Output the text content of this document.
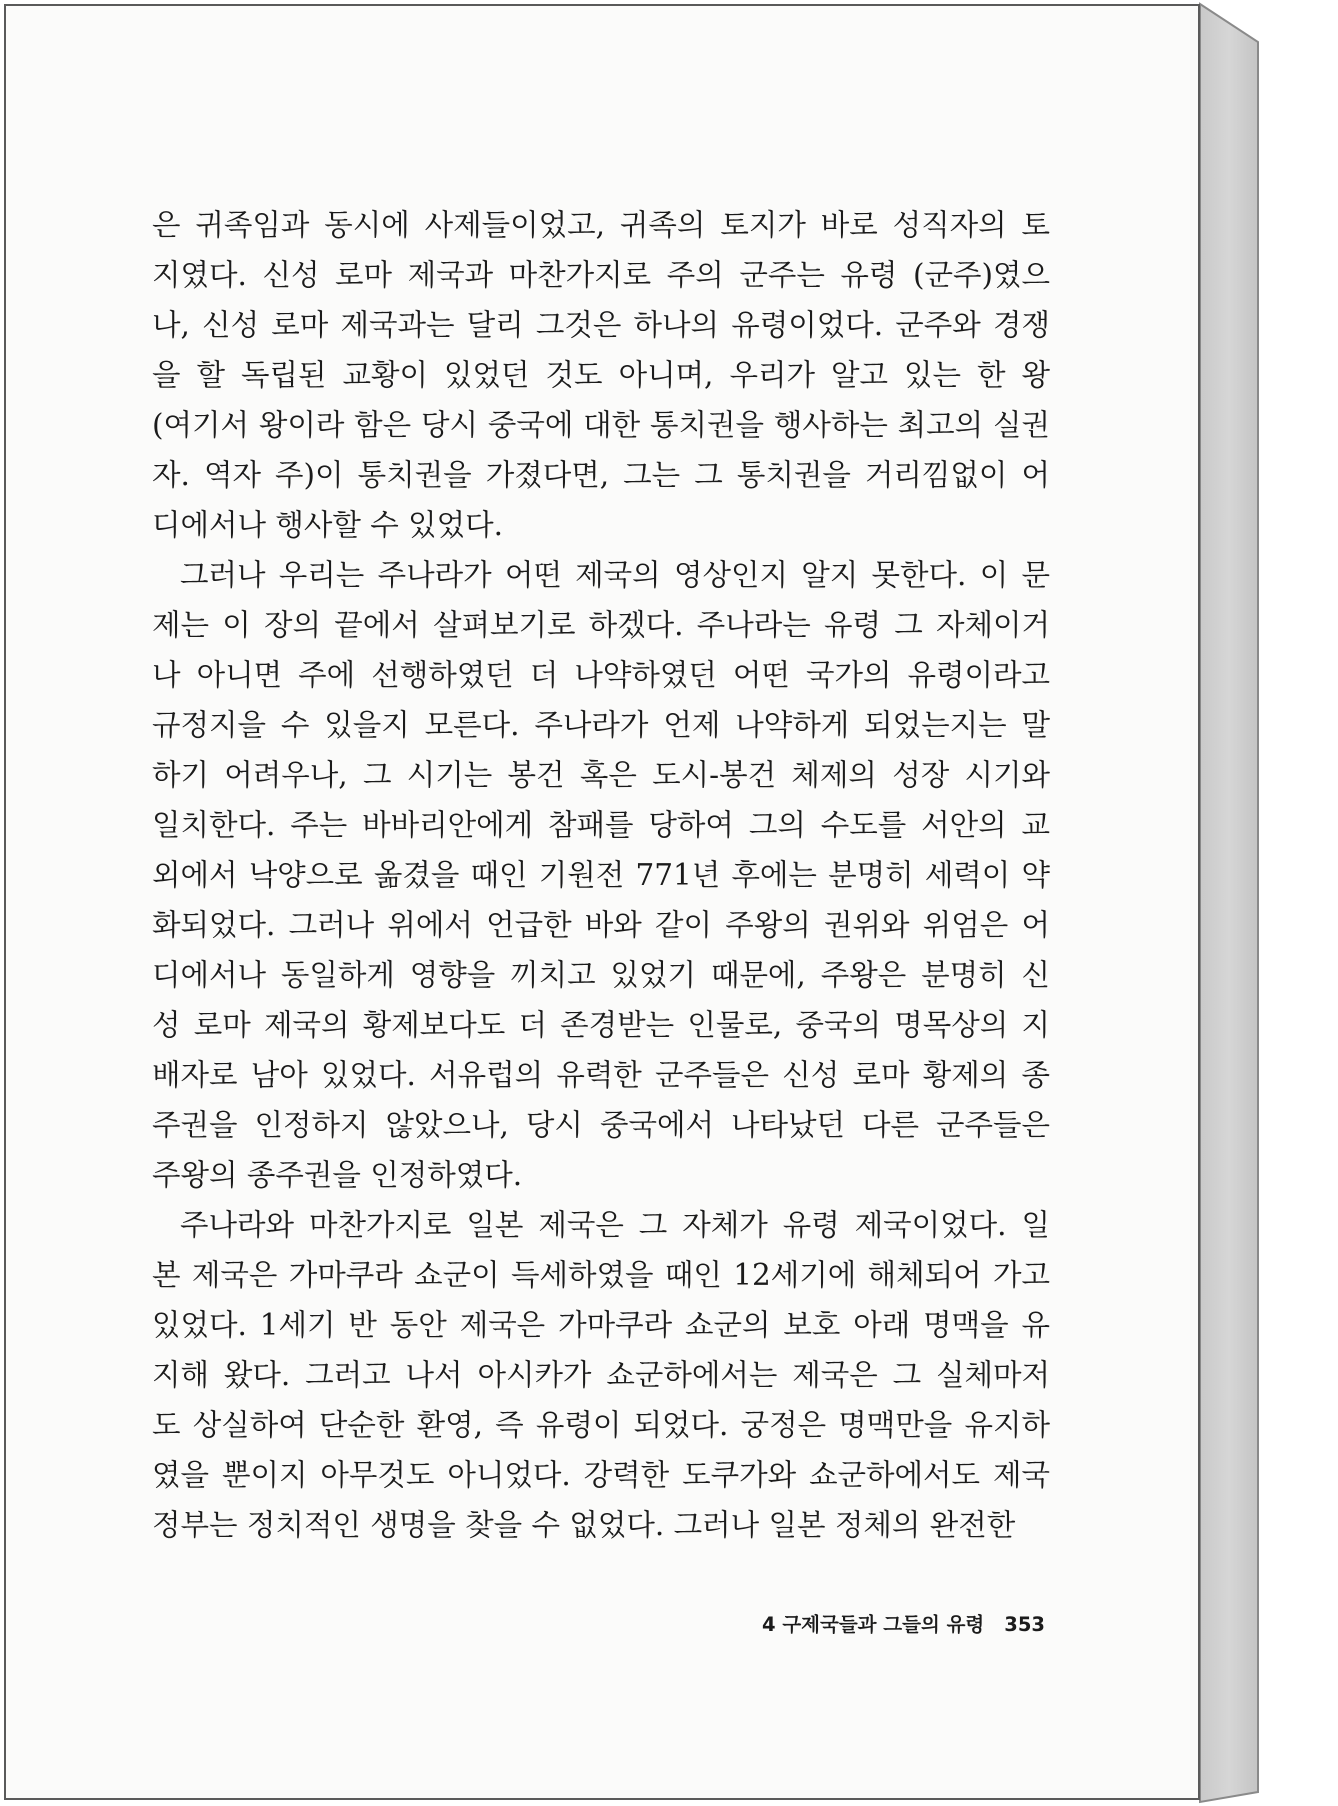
은 귀족임과 동시에 사제들이었고, 귀족의 토지가 바로 성직자의 토
지였다. 신성 로마 제국과 마찬가지로 주의 군주는 유령 (군주)였으
나, 신성 로마 제국과는 달리 그것은 하나의 유령이었다. 군주와 경쟁
을 할 독립된 교황이 있었던 것도 아니며, 우리가 알고 있는 한 왕
(여기서 왕이라 함은 당시 중국에 대한 통치권을 행사하는 최고의 실권
자. 역자 주)이 통치권을 가졌다면, 그는 그 통치권을 거리낌없이 어
디에서나 행사할 수 있었다.
그러나 우리는 주나라가 어떤 제국의 영상인지 알지 못한다. 이 문
제는 이 장의 끝에서 살펴보기로 하겠다. 주나라는 유령 그 자체이거
나 아니면 주에 선행하였던 더 나약하였던 어떤 국가의 유령이라고
규정지을 수 있을지 모른다. 주나라가 언제 나약하게 되었는지는 말
하기 어려우나, 그 시기는 봉건 혹은 도시-봉건 체제의 성장 시기와
일치한다. 주는 바바리안에게 참패를 당하여 그의 수도를 서안의 교
외에서 낙양으로 옮겼을 때인 기원전 771년 후에는 분명히 세력이 약
화되었다. 그러나 위에서 언급한 바와 같이 주왕의 권위와 위엄은 어
디에서나 동일하게 영향을 끼치고 있었기 때문에, 주왕은 분명히 신
성 로마 제국의 황제보다도 더 존경받는 인물로, 중국의 명목상의 지
배자로 남아 있었다. 서유럽의 유력한 군주들은 신성 로마 황제의 종
주권을 인정하지 않았으나, 당시 중국에서 나타났던 다른 군주들은
주왕의 종주권을 인정하였다.
주나라와 마찬가지로 일본 제국은 그 자체가 유령 제국이었다. 일
본 제국은 가마쿠라 쇼군이 득세하였을 때인 12세기에 해체되어 가고
있었다. 1세기 반 동안 제국은 가마쿠라 쇼군의 보호 아래 명맥을 유
지해 왔다. 그러고 나서 아시카가 쇼군하에서는 제국은 그 실체마저
도 상실하여 단순한 환영, 즉 유령이 되었다. 궁정은 명맥만을 유지하
였을 뿐이지 아무것도 아니었다. 강력한 도쿠가와 쇼군하에서도 제국
정부는 정치적인 생명을 찾을 수 없었다. 그러나 일본 정체의 완전한
4 구제국들과 그들의 유령 353
